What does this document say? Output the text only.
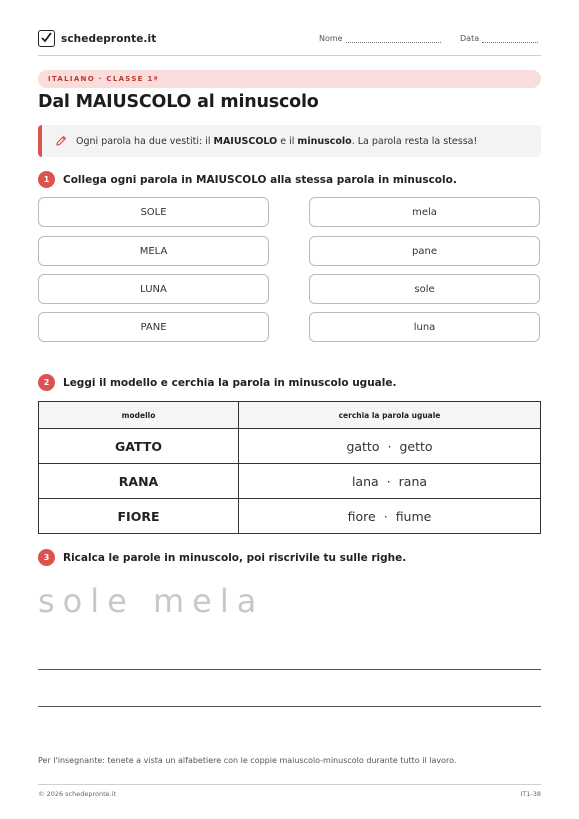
schedepronte.it	Nome	Data
ITALIANO · CLASSE 1ª
Dal MAIUSCOLO al minuscolo
Ogni parola ha due vestiti: il MAIUSCOLO e il minuscolo. La parola resta la stessa!
1	Collega ogni parola in MAIUSCOLO alla stessa parola in minuscolo.
SOLE
MELA
LUNA
PANE
mela
pane
sole
luna
2	Leggi il modello e cerchia la parola in minuscolo uguale.
modello	cerchia la parola uguale
GATTO	gatto · getto
RANA	lana · rana
FIORE	fiore · fiume
3	Ricalca le parole in minuscolo, poi riscrivile tu sulle righe.
sole mela
Per l'insegnante: tenete a vista un alfabetiere con le coppie maiuscolo-minuscolo durante tutto il lavoro.
© 2026 schedepronte.it	IT1-38
